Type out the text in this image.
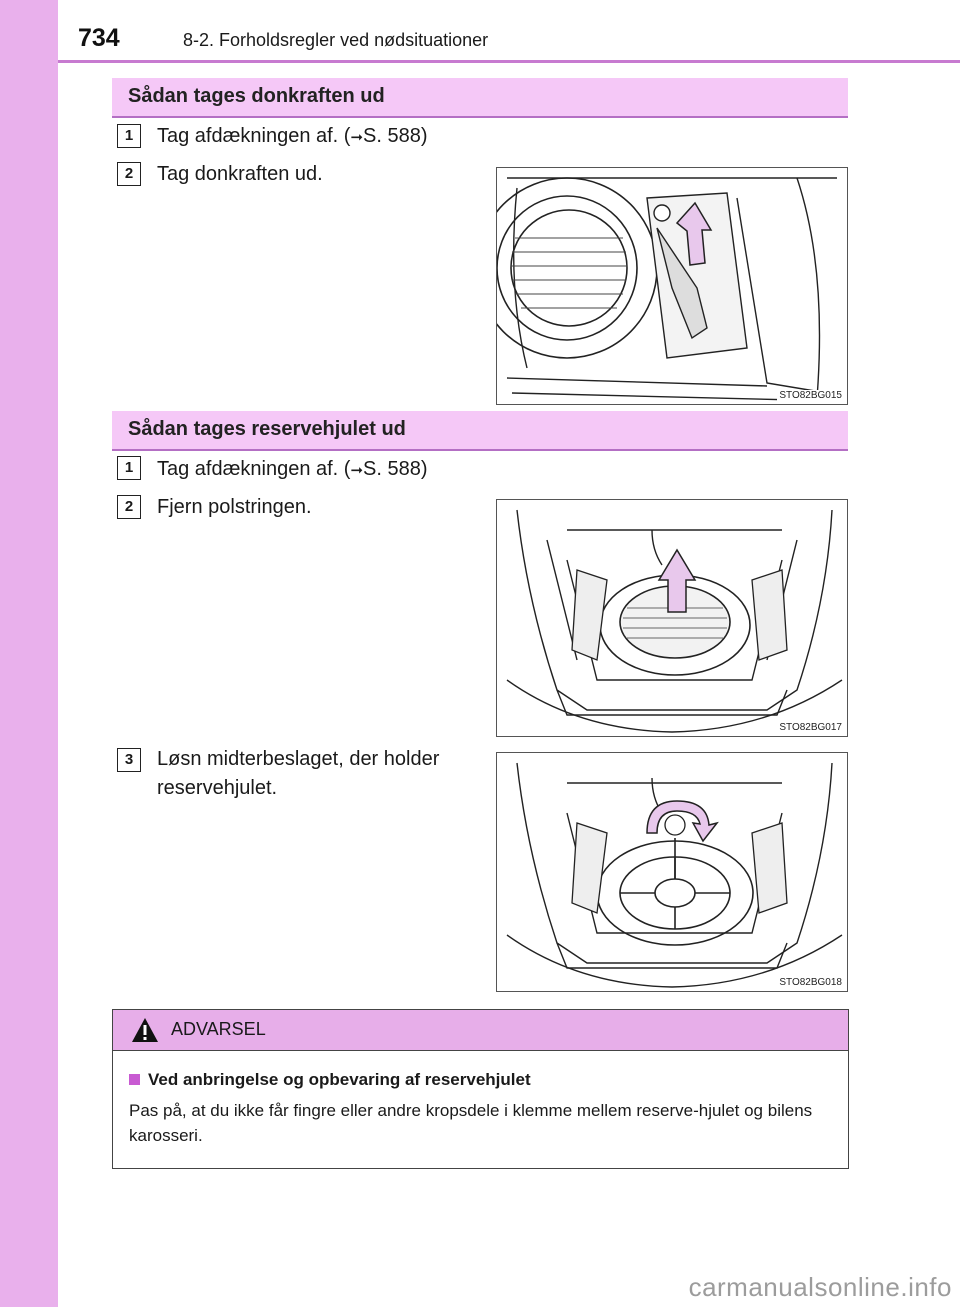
734	8-2. Forholdsregler ved nødsituationer
Sådan tages donkraften ud
1	Tag afdækningen af. (➞S. 588)
2	Tag donkraften ud.
STO82BG015
Sådan tages reservehjulet ud
1	Tag afdækningen af. (➞S. 588)
2	Fjern polstringen.
STO82BG017
3	Løsn midterbeslaget, der holder reservehjulet.
STO82BG018
ADVARSEL
Ved anbringelse og opbevaring af reservehjulet
Pas på, at du ikke får fingre eller andre kropsdele i klemme mellem reserve-hjulet og bilens karosseri.
carmanualsonline.info
